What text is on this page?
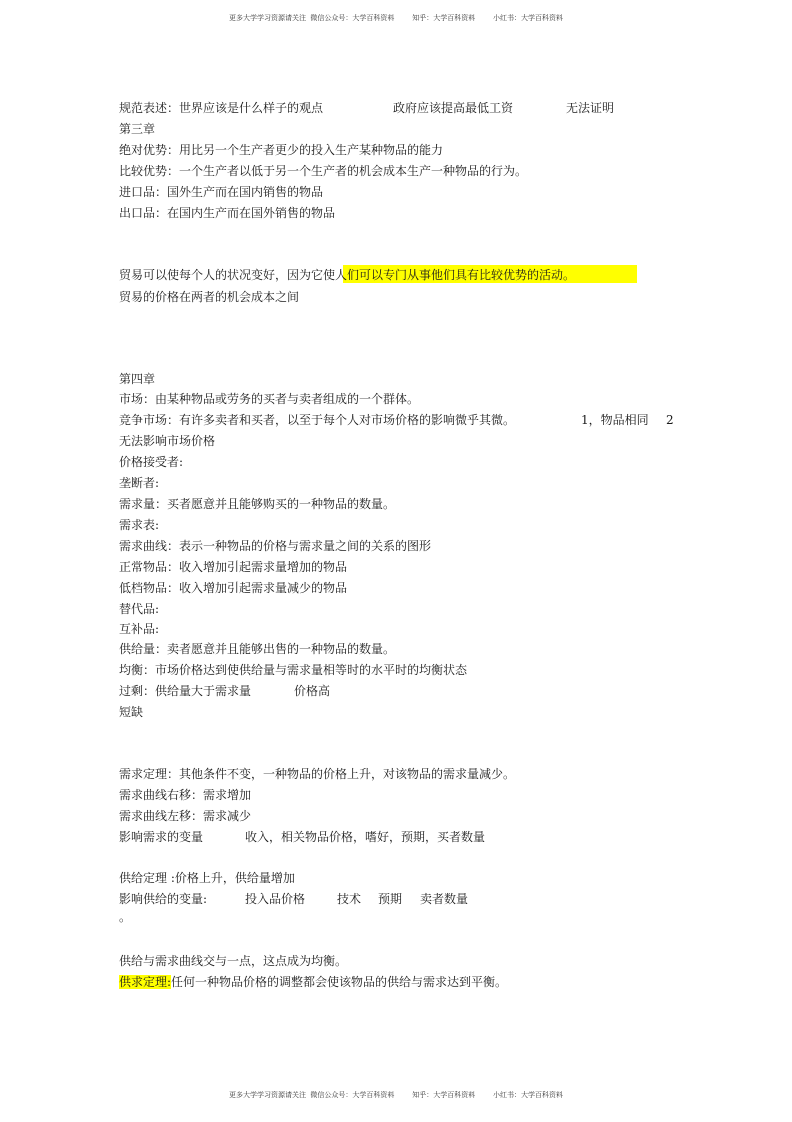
更多大学学习资源请关注  微信公众号：大学百科资料        知乎：大学百科资料        小红书：大学百科资料
规范表述：世界应该是什么样子的观点	政府应该提高最低工资	无法证明
第三章
绝对优势：用比另一个生产者更少的投入生产某种物品的能力
比较优势：一个生产者以低于另一个生产者的机会成本生产一种物品的行为。
进口品：国外生产而在国内销售的物品
出口品：在国内生产而在国外销售的物品
贸易可以使每个人的状况变好，因为它使人们可以专门从事他们具有比较优势的活动。
贸易的价格在两者的机会成本之间
第四章
市场：由某种物品或劳务的买者与卖者组成的一个群体。
竞争市场：有许多卖者和买者，以至于每个人对市场价格的影响微乎其微。	1，物品相同 2
无法影响市场价格
价格接受者:
垄断者:
需求量：买者愿意并且能够购买的一种物品的数量。
需求表:
需求曲线：表示一种物品的价格与需求量之间的关系的图形
正常物品：收入增加引起需求量增加的物品
低档物品：收入增加引起需求量减少的物品
替代品:
互补品:
供给量：卖者愿意并且能够出售的一种物品的数量。
均衡：市场价格达到使供给量与需求量相等时的水平时的均衡状态
过剩：供给量大于需求量	价格高
短缺
需求定理：其他条件不变，一种物品的价格上升，对该物品的需求量减少。
需求曲线右移：需求增加
需求曲线左移：需求减少
影响需求的变量	收入，相关物品价格，嗜好，预期，买者数量
供给定理 :价格上升，供给量增加
影响供给的变量:	投入品价格	技术 预期 卖者数量
。
供给与需求曲线交与一点，这点成为均衡。
供求定理:任何一种物品价格的调整都会使该物品的供给与需求达到平衡。
更多大学学习资源请关注  微信公众号：大学百科资料        知乎：大学百科资料        小红书：大学百科资料
